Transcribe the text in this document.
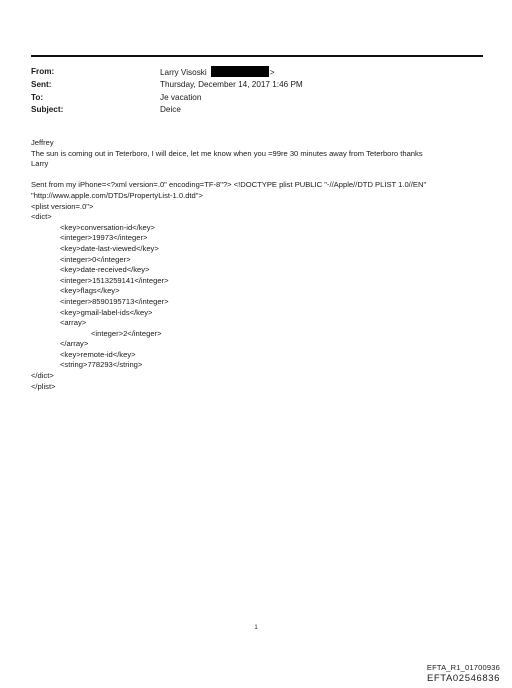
From:	Larry Visoski	>
Sent:	Thursday, December 14, 2017 1:46 PM
To:	Je vacation
Subject:	Deice

Jeffrey

The sun is coming out in Teterboro, I will deice, let me know when you =99re 30 minutes away from Teterboro thanks

Larry

Sent from my iPhone=<?xml version=.0" encoding=TF-8"?> <!DOCTYPE plist PUBLIC "-//Apple//DTD PLIST 1.0//EN"

"http://www.apple.com/DTDs/PropertyList-1.0.dtd">

<plist version=.0">

<dict>

<key>conversation-id</key>

<integer>19973</integer>

<key>date-last-viewed</key>

<integer>0</integer>

<key>date-received</key>

<integer>1513259141</integer>

<key>flags</key>

<integer>8590195713</integer>

<key>gmail-label-ids</key>

<array>

<integer>2</integer>

</array>

<key>remote-id</key>

<string>778293</string>

</dict>

</plist>

1
EFTA_R1_01700936
EFTA02546836
